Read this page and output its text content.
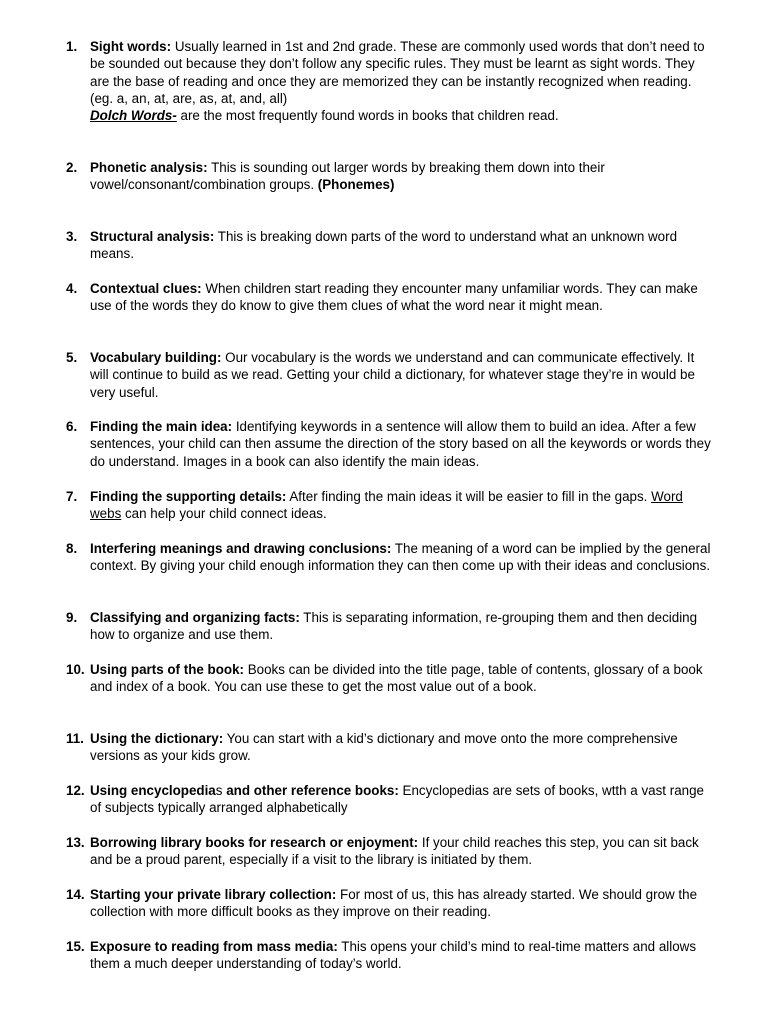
1. Sight words: Usually learned in 1st and 2nd grade. These are commonly used words that don’t need to be sounded out because they don’t follow any specific rules. They must be learnt as sight words. They are the base of reading and once they are memorized they can be instantly recognized when reading. (eg. a, an, at, are, as, at, and, all)
Dolch Words- are the most frequently found words in books that children read.
2. Phonetic analysis: This is sounding out larger words by breaking them down into their vowel/consonant/combination groups. (Phonemes)
3. Structural analysis: This is breaking down parts of the word to understand what an unknown word means.
4. Contextual clues: When children start reading they encounter many unfamiliar words. They can make use of the words they do know to give them clues of what the word near it might mean.
5. Vocabulary building: Our vocabulary is the words we understand and can communicate effectively. It will continue to build as we read. Getting your child a dictionary, for whatever stage they’re in would be very useful.
6. Finding the main idea: Identifying keywords in a sentence will allow them to build an idea. After a few sentences, your child can then assume the direction of the story based on all the keywords or words they do understand. Images in a book can also identify the main ideas.
7. Finding the supporting details: After finding the main ideas it will be easier to fill in the gaps. Word webs can help your child connect ideas.
8. Interfering meanings and drawing conclusions: The meaning of a word can be implied by the general context. By giving your child enough information they can then come up with their ideas and conclusions.
9. Classifying and organizing facts: This is separating information, re-grouping them and then deciding how to organize and use them.
10. Using parts of the book: Books can be divided into the title page, table of contents, glossary of a book and index of a book. You can use these to get the most value out of a book.
11. Using the dictionary: You can start with a kid’s dictionary and move onto the more comprehensive versions as your kids grow.
12. Using encyclopedias and other reference books: Encyclopedias are sets of books, wtth a vast range of subjects typically arranged alphabetically
13. Borrowing library books for research or enjoyment: If your child reaches this step, you can sit back and be a proud parent, especially if a visit to the library is initiated by them.
14. Starting your private library collection: For most of us, this has already started. We should grow the collection with more difficult books as they improve on their reading.
15. Exposure to reading from mass media: This opens your child’s mind to real-time matters and allows them a much deeper understanding of today’s world.
